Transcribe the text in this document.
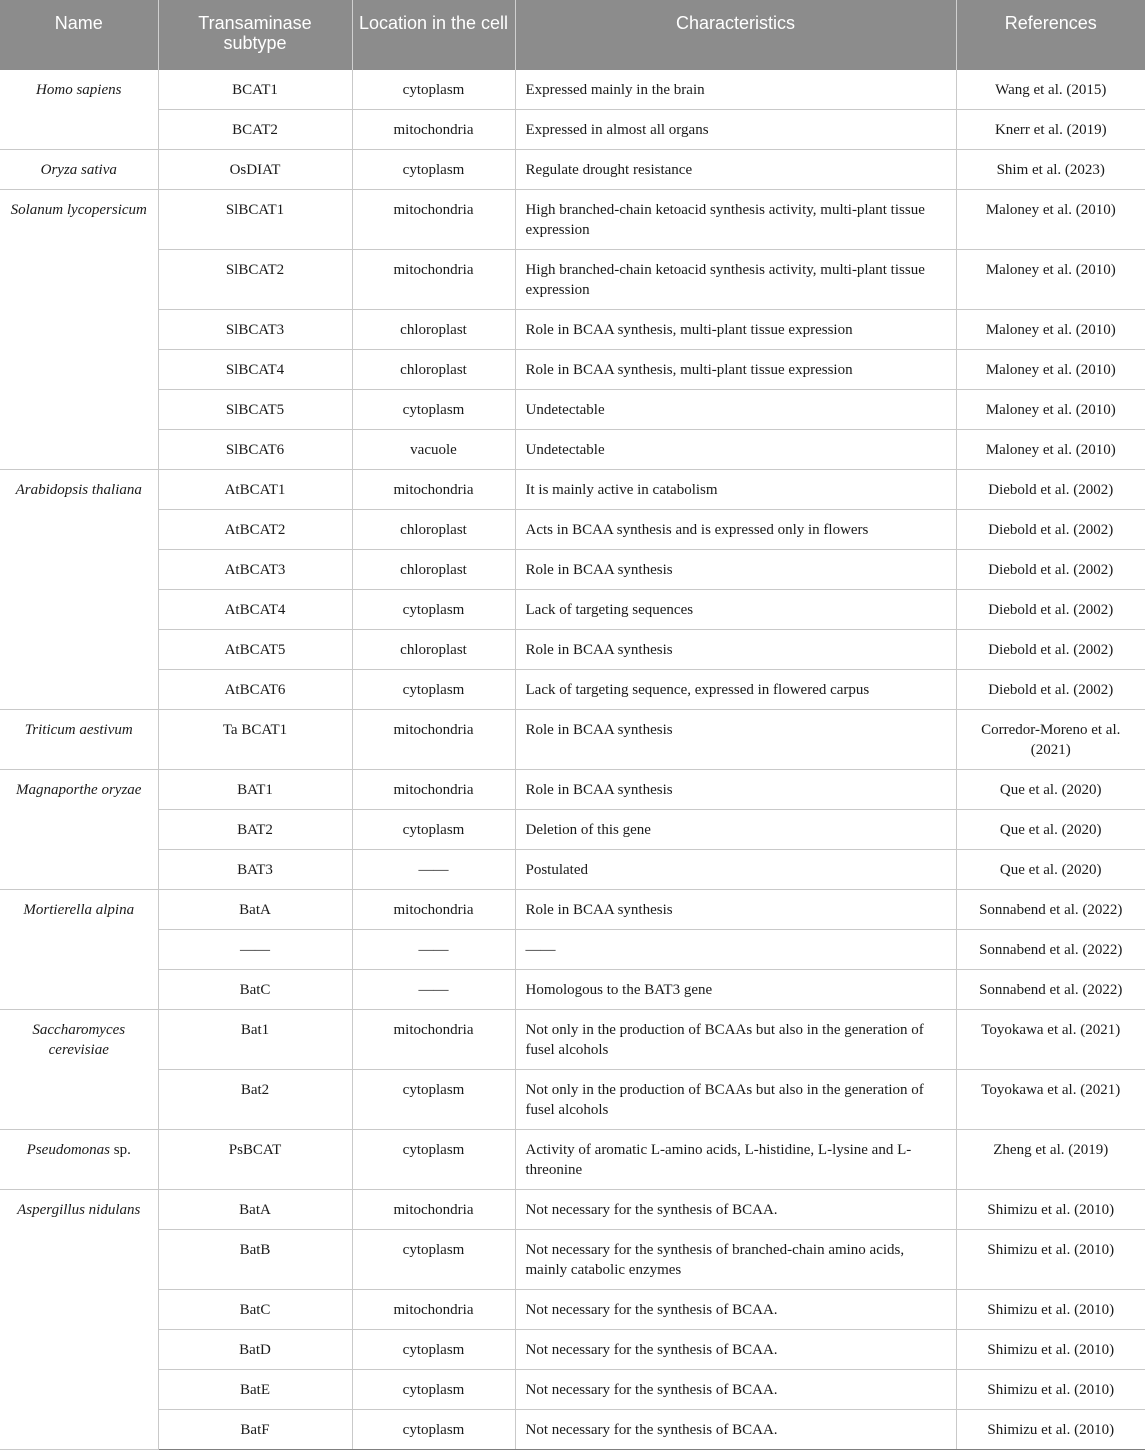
Name	Transaminase subtype	Location in the cell	Characteristics	References
Homo sapiens	BCAT1	cytoplasm	Expressed mainly in the brain	Wang et al. (2015)
	BCAT2	mitochondria	Expressed in almost all organs	Knerr et al. (2019)
Oryza sativa	OsDIAT	cytoplasm	Regulate drought resistance	Shim et al. (2023)
Solanum lycopersicum	SlBCAT1	mitochondria	High branched-chain ketoacid synthesis activity, multi-plant tissue expression	Maloney et al. (2010)
	SlBCAT2	mitochondria	High branched-chain ketoacid synthesis activity, multi-plant tissue expression	Maloney et al. (2010)
	SlBCAT3	chloroplast	Role in BCAA synthesis, multi-plant tissue expression	Maloney et al. (2010)
	SlBCAT4	chloroplast	Role in BCAA synthesis, multi-plant tissue expression	Maloney et al. (2010)
	SlBCAT5	cytoplasm	Undetectable	Maloney et al. (2010)
	SlBCAT6	vacuole	Undetectable	Maloney et al. (2010)
Arabidopsis thaliana	AtBCAT1	mitochondria	It is mainly active in catabolism	Diebold et al. (2002)
	AtBCAT2	chloroplast	Acts in BCAA synthesis and is expressed only in flowers	Diebold et al. (2002)
	AtBCAT3	chloroplast	Role in BCAA synthesis	Diebold et al. (2002)
	AtBCAT4	cytoplasm	Lack of targeting sequences	Diebold et al. (2002)
	AtBCAT5	chloroplast	Role in BCAA synthesis	Diebold et al. (2002)
	AtBCAT6	cytoplasm	Lack of targeting sequence, expressed in flowered carpus	Diebold et al. (2002)
Triticum aestivum	Ta BCAT1	mitochondria	Role in BCAA synthesis	Corredor-Moreno et al. (2021)
Magnaporthe oryzae	BAT1	mitochondria	Role in BCAA synthesis	Que et al. (2020)
	BAT2	cytoplasm	Deletion of this gene	Que et al. (2020)
	BAT3	——	Postulated	Que et al. (2020)
Mortierella alpina	BatA	mitochondria	Role in BCAA synthesis	Sonnabend et al. (2022)
	——	——	——	Sonnabend et al. (2022)
	BatC	——	Homologous to the BAT3 gene	Sonnabend et al. (2022)
Saccharomyces cerevisiae	Bat1	mitochondria	Not only in the production of BCAAs but also in the generation of fusel alcohols	Toyokawa et al. (2021)
	Bat2	cytoplasm	Not only in the production of BCAAs but also in the generation of fusel alcohols	Toyokawa et al. (2021)
Pseudomonas sp.	PsBCAT	cytoplasm	Activity of aromatic L-amino acids, L-histidine, L-lysine and L-threonine	Zheng et al. (2019)
Aspergillus nidulans	BatA	mitochondria	Not necessary for the synthesis of BCAA.	Shimizu et al. (2010)
	BatB	cytoplasm	Not necessary for the synthesis of branched-chain amino acids, mainly catabolic enzymes	Shimizu et al. (2010)
	BatC	mitochondria	Not necessary for the synthesis of BCAA.	Shimizu et al. (2010)
	BatD	cytoplasm	Not necessary for the synthesis of BCAA.	Shimizu et al. (2010)
	BatE	cytoplasm	Not necessary for the synthesis of BCAA.	Shimizu et al. (2010)
	BatF	cytoplasm	Not necessary for the synthesis of BCAA.	Shimizu et al. (2010)
